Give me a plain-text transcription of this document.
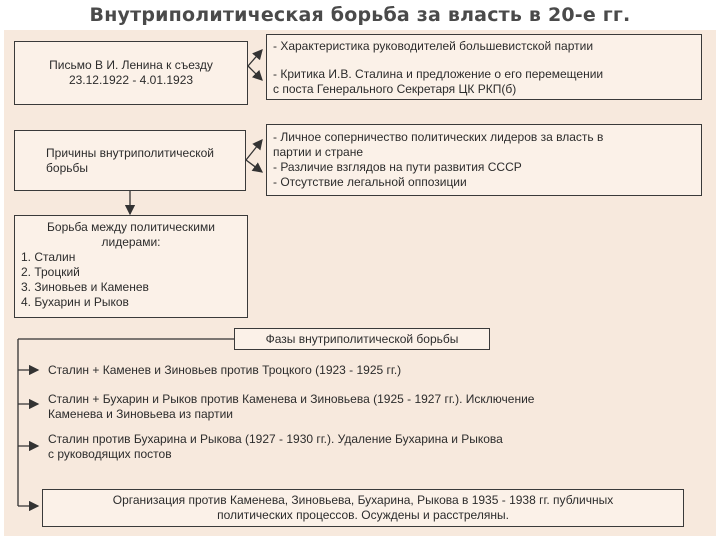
Внутриполитическая борьба за власть в 20-е гг.
Письмо В И. Ленина к съезду
23.12.1922 - 4.01.1923
- Характеристика руководителей большевистской партии
- Критика И.В. Сталина и предложение о его перемещении
с поста Генерального Секретаря ЦК РКП(б)
Причины внутриполитической
борьбы
- Личное соперничество политических лидеров за власть в
партии и стране
- Различие взглядов на пути развития СССР
- Отсутствие легальной оппозиции
Борьба между политическими
лидерами:
1. Сталин
2. Троцкий
3. Зиновьев и Каменев
4. Бухарин и Рыков
Фазы внутриполитической борьбы
Сталин + Каменев и Зиновьев против Троцкого (1923 - 1925 гг.)
Сталин + Бухарин и Рыков против Каменева и Зиновьева (1925 - 1927 гг.). Исключение
Каменева и Зиновьева из партии
Сталин против Бухарина и Рыкова (1927 - 1930 гг.). Удаление Бухарина и Рыкова
с руководящих постов
Организация против Каменева, Зиновьева, Бухарина, Рыкова в 1935 - 1938 гг. публичных
политических процессов. Осуждены и расстреляны.
